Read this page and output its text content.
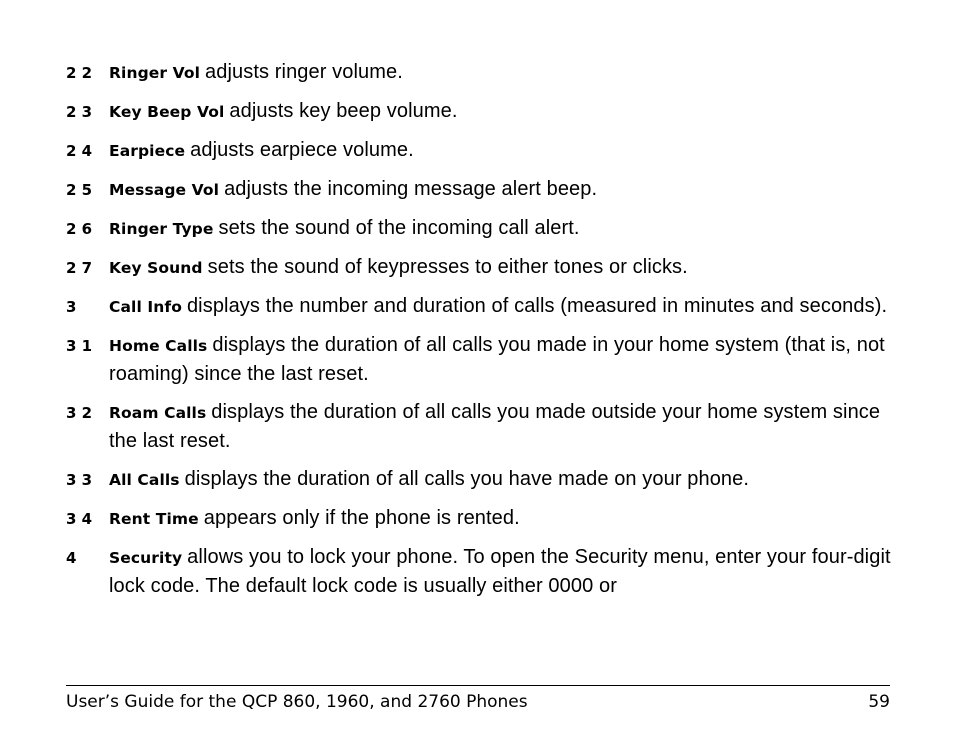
2 2	Ringer Vol adjusts ringer volume.
2 3	Key Beep Vol adjusts key beep volume.
2 4	Earpiece adjusts earpiece volume.
2 5	Message Vol adjusts the incoming message alert beep.
2 6	Ringer Type sets the sound of the incoming call alert.
2 7	Key Sound sets the sound of keypresses to either tones or clicks.
3	Call Info displays the number and duration of calls (measured in minutes and seconds).
3 1	Home Calls displays the duration of all calls you made in your home system (that is, not roaming) since the last reset.
3 2	Roam Calls displays the duration of all calls you made outside your home system since the last reset.
3 3	All Calls displays the duration of all calls you have made on your phone.
3 4	Rent Time appears only if the phone is rented.
4	Security allows you to lock your phone. To open the Security menu, enter your four-digit lock code. The default lock code is usually either 0000 or
User’s Guide for the QCP 860, 1960, and 2760 Phones	59
